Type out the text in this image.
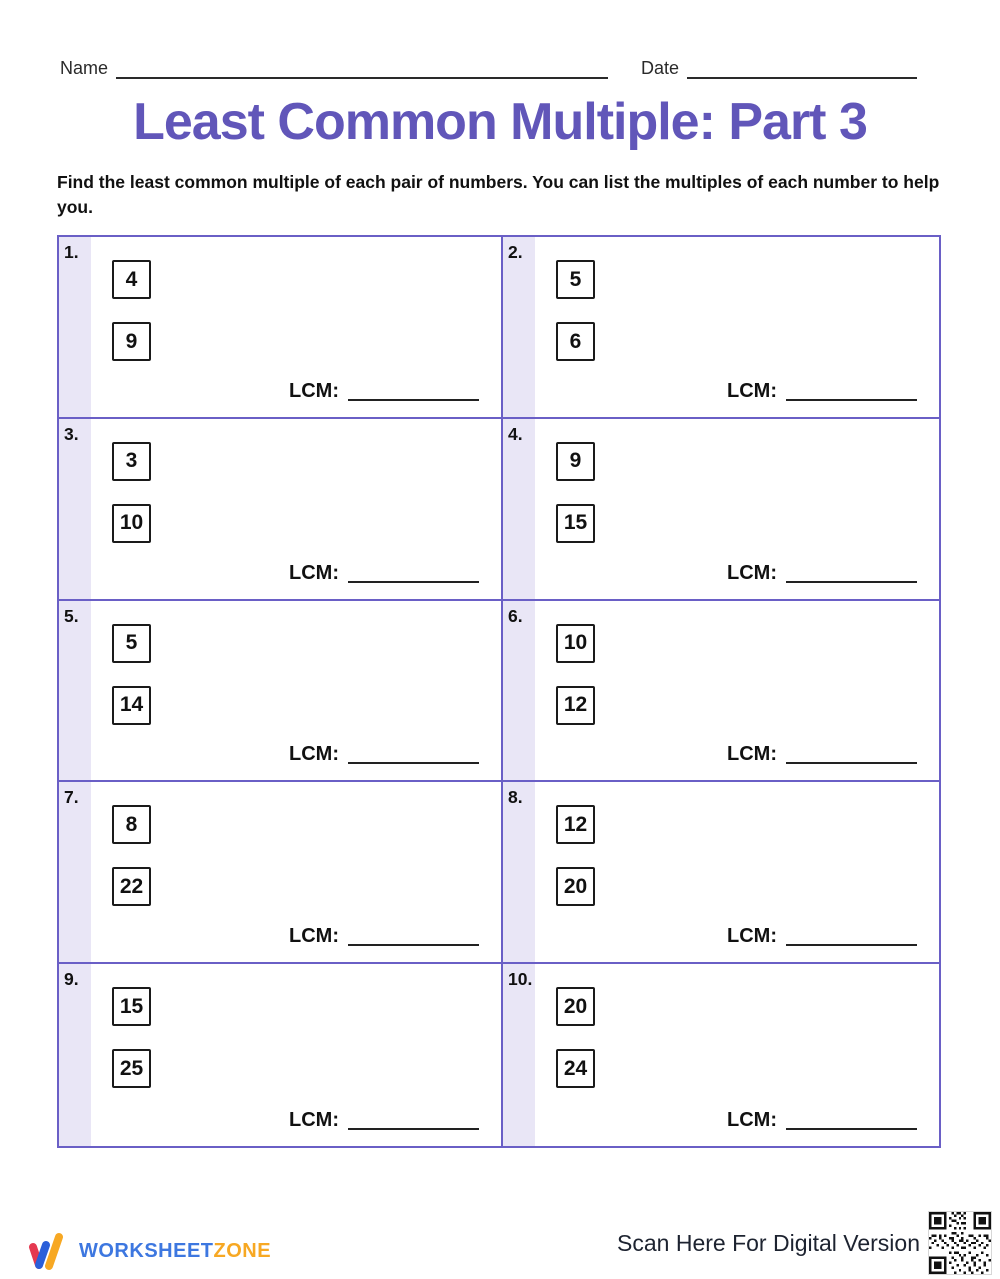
Name	Date
Least Common Multiple: Part 3

Find the least common multiple of each pair of numbers. You can list the multiples of each number to help you.

1.
4
9
LCM:
2.
5
6
LCM:
3.
3
10
LCM:
4.
9
15
LCM:
5.
5
14
LCM:
6.
10
12
LCM:
7.
8
22
LCM:
8.
12
20
LCM:
9.
15
25
LCM:
10.
20
24
LCM:
WORKSHEETZONE	Scan Here For Digital Version
